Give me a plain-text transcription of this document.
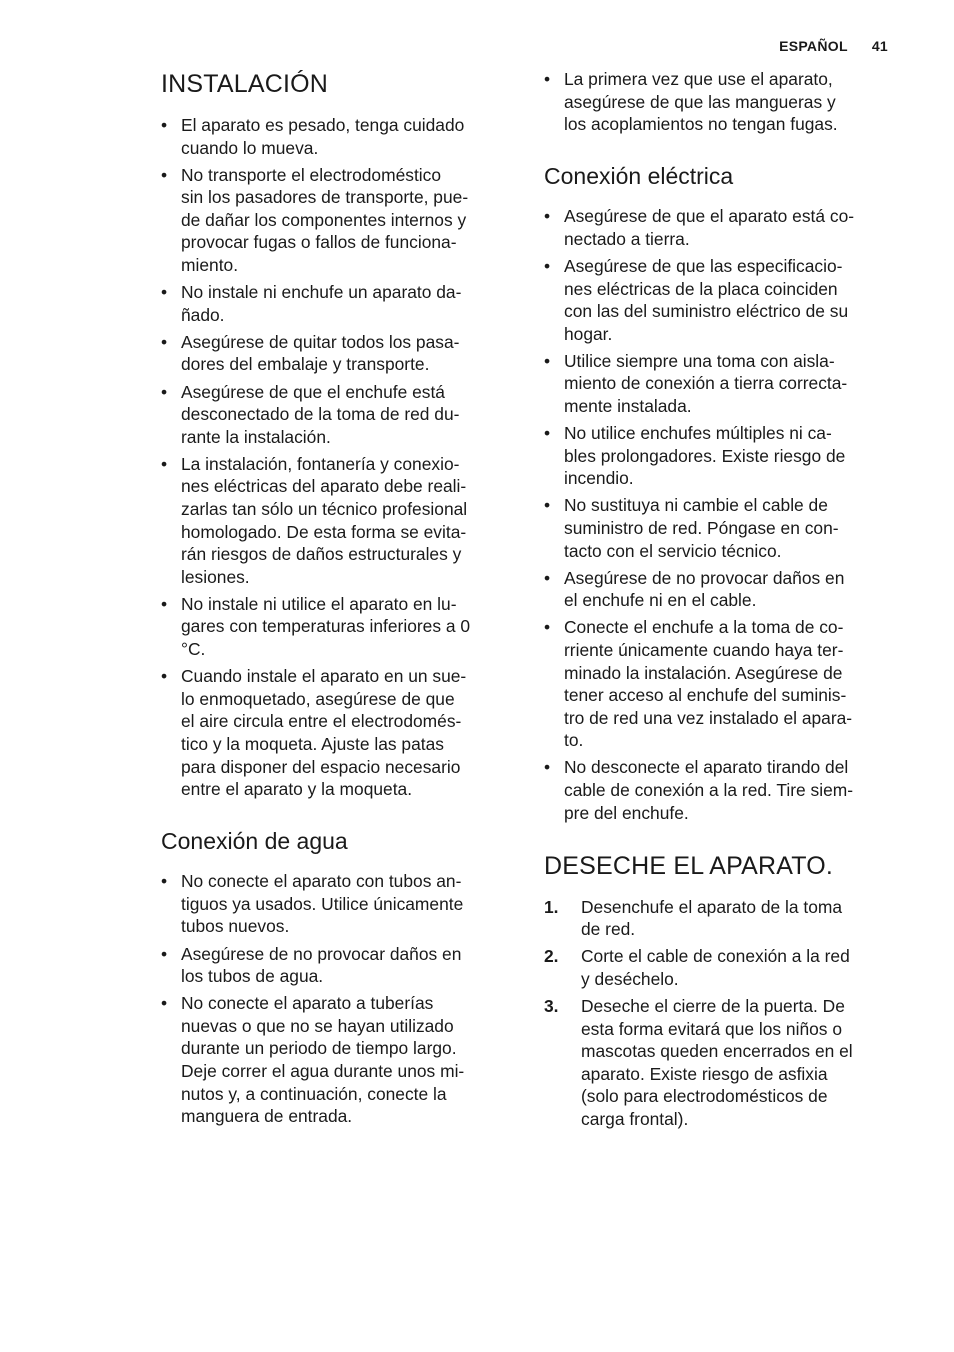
ESPAÑOL 41
INSTALACIÓN
• El aparato es pesado, tenga cuidado
cuando lo mueva.
• No transporte el electrodoméstico
sin los pasadores de transporte, pue-
de dañar los componentes internos y
provocar fugas o fallos de funciona-
miento.
• No instale ni enchufe un aparato da-
ñado.
• Asegúrese de quitar todos los pasa-
dores del embalaje y transporte.
• Asegúrese de que el enchufe está
desconectado de la toma de red du-
rante la instalación.
• La instalación, fontanería y conexio-
nes eléctricas del aparato debe reali-
zarlas tan sólo un técnico profesional
homologado. De esta forma se evita-
rán riesgos de daños estructurales y
lesiones.
• No instale ni utilice el aparato en lu-
gares con temperaturas inferiores a 0
°C.
• Cuando instale el aparato en un sue-
lo enmoquetado, asegúrese de que
el aire circula entre el electrodomés-
tico y la moqueta. Ajuste las patas
para disponer del espacio necesario
entre el aparato y la moqueta.
Conexión de agua
• No conecte el aparato con tubos an-
tiguos ya usados. Utilice únicamente
tubos nuevos.
• Asegúrese de no provocar daños en
los tubos de agua.
• No conecte el aparato a tuberías
nuevas o que no se hayan utilizado
durante un periodo de tiempo largo.
Deje correr el agua durante unos mi-
nutos y, a continuación, conecte la
manguera de entrada.
• La primera vez que use el aparato,
asegúrese de que las mangueras y
los acoplamientos no tengan fugas.
Conexión eléctrica
• Asegúrese de que el aparato está co-
nectado a tierra.
• Asegúrese de que las especificacio-
nes eléctricas de la placa coinciden
con las del suministro eléctrico de su
hogar.
• Utilice siempre una toma con aisla-
miento de conexión a tierra correcta-
mente instalada.
• No utilice enchufes múltiples ni ca-
bles prolongadores. Existe riesgo de
incendio.
• No sustituya ni cambie el cable de
suministro de red. Póngase en con-
tacto con el servicio técnico.
• Asegúrese de no provocar daños en
el enchufe ni en el cable.
• Conecte el enchufe a la toma de co-
rriente únicamente cuando haya ter-
minado la instalación. Asegúrese de
tener acceso al enchufe del suminis-
tro de red una vez instalado el apara-
to.
• No desconecte el aparato tirando del
cable de conexión a la red. Tire siem-
pre del enchufe.
DESECHE EL APARATO.
1. Desenchufe el aparato de la toma
de red.
2. Corte el cable de conexión a la red
y deséchelo.
3. Deseche el cierre de la puerta. De
esta forma evitará que los niños o
mascotas queden encerrados en el
aparato. Existe riesgo de asfixia
(solo para electrodomésticos de
carga frontal).
